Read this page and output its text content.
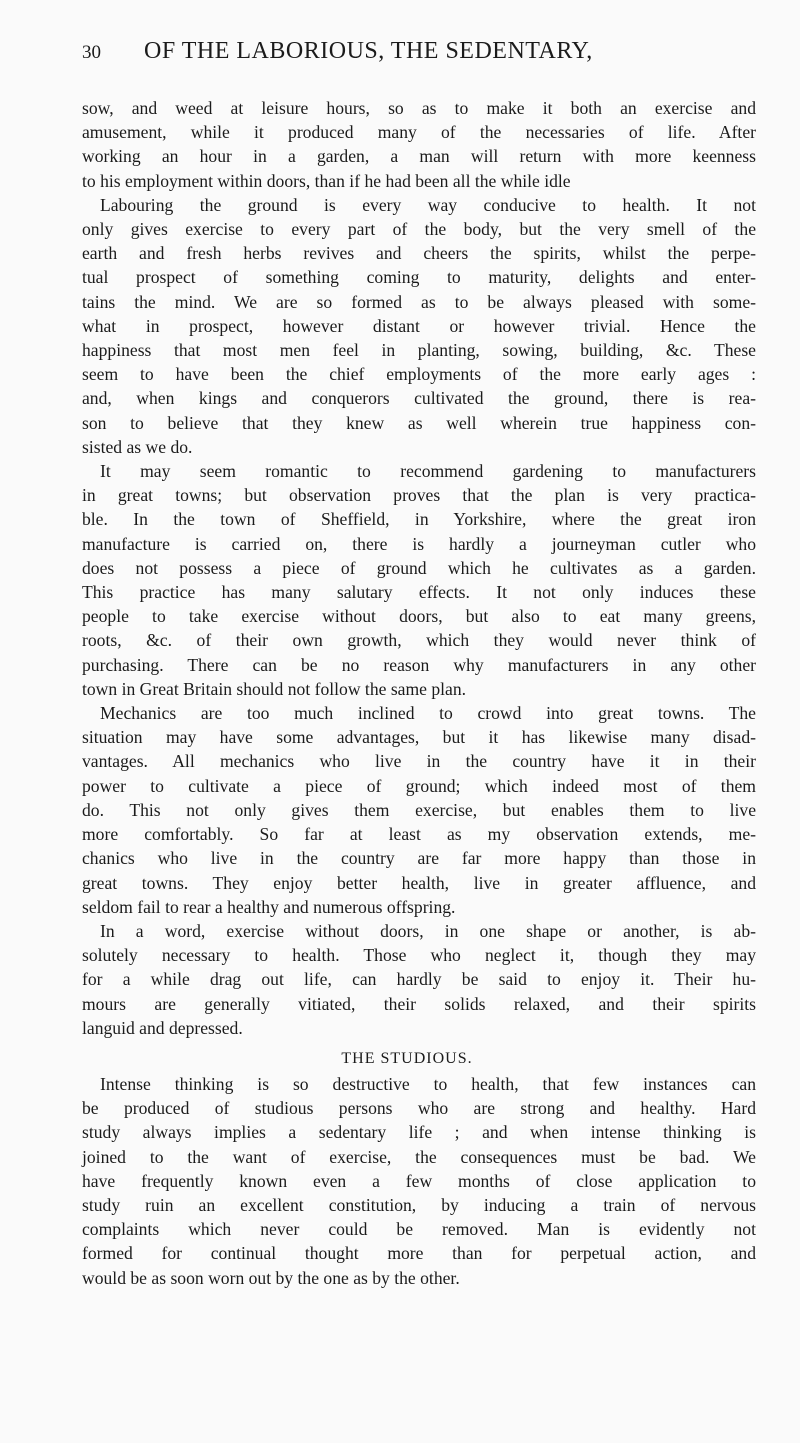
30	OF THE LABORIOUS, THE SEDENTARY,

sow, and weed at leisure hours, so as to make it both an exercise and
amusement, while it produced many of the necessaries of life. After
working an hour in a garden, a man will return with more keenness
to his employment within doors, than if he had been all the while idle

Labouring the ground is every way conducive to health. It not
only gives exercise to every part of the body, but the very smell of the
earth and fresh herbs revives and cheers the spirits, whilst the perpe-
tual prospect of something coming to maturity, delights and enter-
tains the mind. We are so formed as to be always pleased with some-
what in prospect, however distant or however trivial. Hence the
happiness that most men feel in planting, sowing, building, &c. These
seem to have been the chief employments of the more early ages :
and, when kings and conquerors cultivated the ground, there is rea-
son to believe that they knew as well wherein true happiness con-
sisted as we do.

It may seem romantic to recommend gardening to manufacturers
in great towns; but observation proves that the plan is very practica-
ble. In the town of Sheffield, in Yorkshire, where the great iron
manufacture is carried on, there is hardly a journeyman cutler who
does not possess a piece of ground which he cultivates as a garden.
This practice has many salutary effects. It not only induces these
people to take exercise without doors, but also to eat many greens,
roots, &c. of their own growth, which they would never think of
purchasing. There can be no reason why manufacturers in any other
town in Great Britain should not follow the same plan.

Mechanics are too much inclined to crowd into great towns. The
situation may have some advantages, but it has likewise many disad-
vantages. All mechanics who live in the country have it in their
power to cultivate a piece of ground; which indeed most of them
do. This not only gives them exercise, but enables them to live
more comfortably. So far at least as my observation extends, me-
chanics who live in the country are far more happy than those in
great towns. They enjoy better health, live in greater affluence, and
seldom fail to rear a healthy and numerous offspring.

In a word, exercise without doors, in one shape or another, is ab-
solutely necessary to health. Those who neglect it, though they may
for a while drag out life, can hardly be said to enjoy it. Their hu-
mours are generally vitiated, their solids relaxed, and their spirits
languid and depressed.

THE STUDIOUS.

Intense thinking is so destructive to health, that few instances can
be produced of studious persons who are strong and healthy. Hard
study always implies a sedentary life ; and when intense thinking is
joined to the want of exercise, the consequences must be bad. We
have frequently known even a few months of close application to
study ruin an excellent constitution, by inducing a train of nervous
complaints which never could be removed. Man is evidently not
formed for continual thought more than for perpetual action, and
would be as soon worn out by the one as by the other.
